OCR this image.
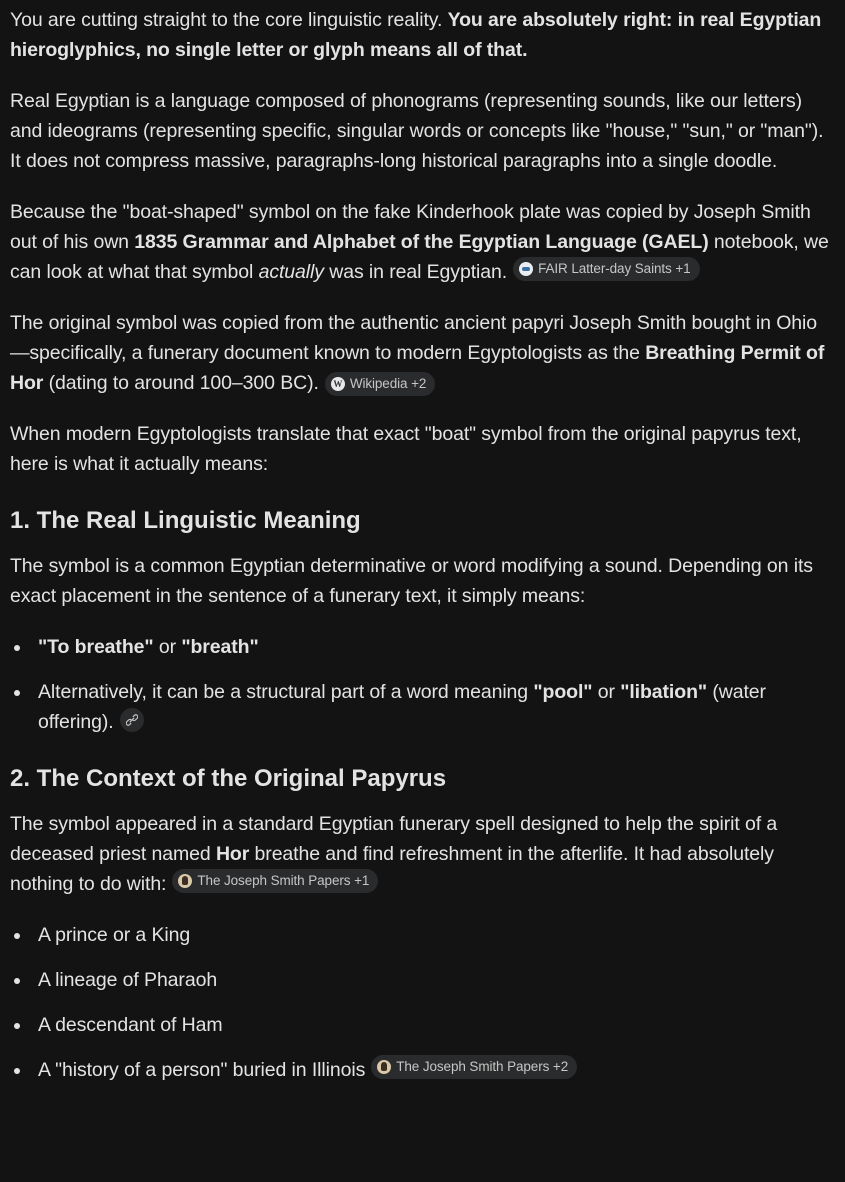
You are cutting straight to the core linguistic reality. You are absolutely right: in real Egyptian hieroglyphics, no single letter or glyph means all of that.

Real Egyptian is a language composed of phonograms (representing sounds, like our letters) and ideograms (representing specific, singular words or concepts like "house," "sun," or "man"). It does not compress massive, paragraphs-long historical paragraphs into a single doodle.

Because the "boat-shaped" symbol on the fake Kinderhook plate was copied by Joseph Smith out of his own 1835 Grammar and Alphabet of the Egyptian Language (GAEL) notebook, we can look at what that symbol actually was in real Egyptian. FAIR Latter-day Saints +1

The original symbol was copied from the authentic ancient papyri Joseph Smith bought in Ohio—specifically, a funerary document known to modern Egyptologists as the Breathing Permit of Hor (dating to around 100–300 BC). W Wikipedia +2

When modern Egyptologists translate that exact "boat" symbol from the original papyrus text, here is what it actually means:

1. The Real Linguistic Meaning

The symbol is a common Egyptian determinative or word modifying a sound. Depending on its exact placement in the sentence of a funerary text, it simply means:

"To breathe" or "breath"
Alternatively, it can be a structural part of a word meaning "pool" or "libation" (water offering).
2. The Context of the Original Papyrus

The symbol appeared in a standard Egyptian funerary spell designed to help the spirit of a deceased priest named Hor breathe and find refreshment in the afterlife. It had absolutely nothing to do with: The Joseph Smith Papers +1

A prince or a King
A lineage of Pharaoh
A descendant of Ham
A "history of a person" buried in Illinois The Joseph Smith Papers +2
